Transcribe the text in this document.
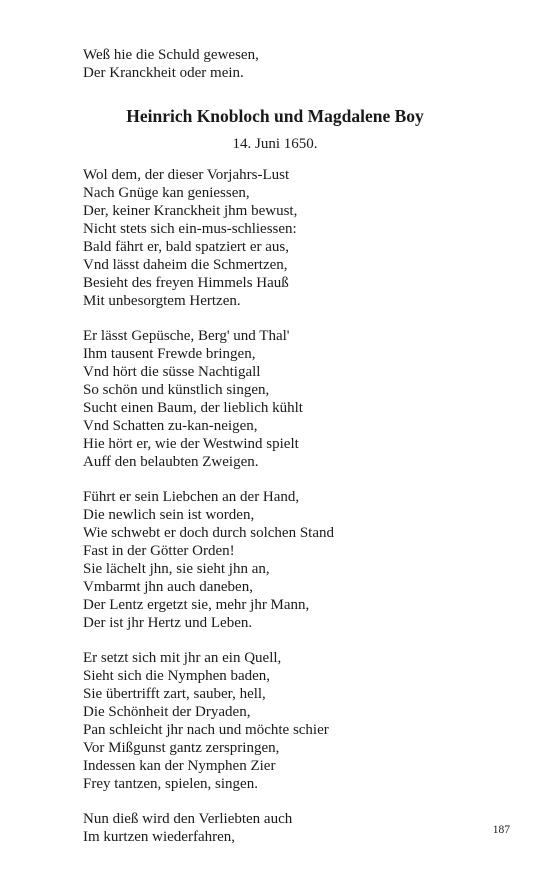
Weß hie die Schuld gewesen,
Der Kranckheit oder mein.
Heinrich Knobloch und Magdalene Boy
14. Juni 1650.
Wol dem, der dieser Vorjahrs-Lust
Nach Gnüge kan geniessen,
Der, keiner Kranckheit jhm bewust,
Nicht stets sich ein-mus-schliessen:
Bald fährt er, bald spatziert er aus,
Vnd lässt daheim die Schmertzen,
Besieht des freyen Himmels Hauß
Mit unbesorgtem Hertzen.
Er lässt Gepüsche, Berg' und Thal'
Ihm tausent Frewde bringen,
Vnd hört die süsse Nachtigall
So schön und künstlich singen,
Sucht einen Baum, der lieblich kühlt
Vnd Schatten zu-kan-neigen,
Hie hört er, wie der Westwind spielt
Auff den belaubten Zweigen.
Führt er sein Liebchen an der Hand,
Die newlich sein ist worden,
Wie schwebt er doch durch solchen Stand
Fast in der Götter Orden!
Sie lächelt jhn, sie sieht jhn an,
Vmbarmt jhn auch daneben,
Der Lentz ergetzt sie, mehr jhr Mann,
Der ist jhr Hertz und Leben.
Er setzt sich mit jhr an ein Quell,
Sieht sich die Nymphen baden,
Sie übertrifft zart, sauber, hell,
Die Schönheit der Dryaden,
Pan schleicht jhr nach und möchte schier
Vor Mißgunst gantz zerspringen,
Indessen kan der Nymphen Zier
Frey tantzen, spielen, singen.
Nun dieß wird den Verliebten auch
Im kurtzen wiederfahren,	187
